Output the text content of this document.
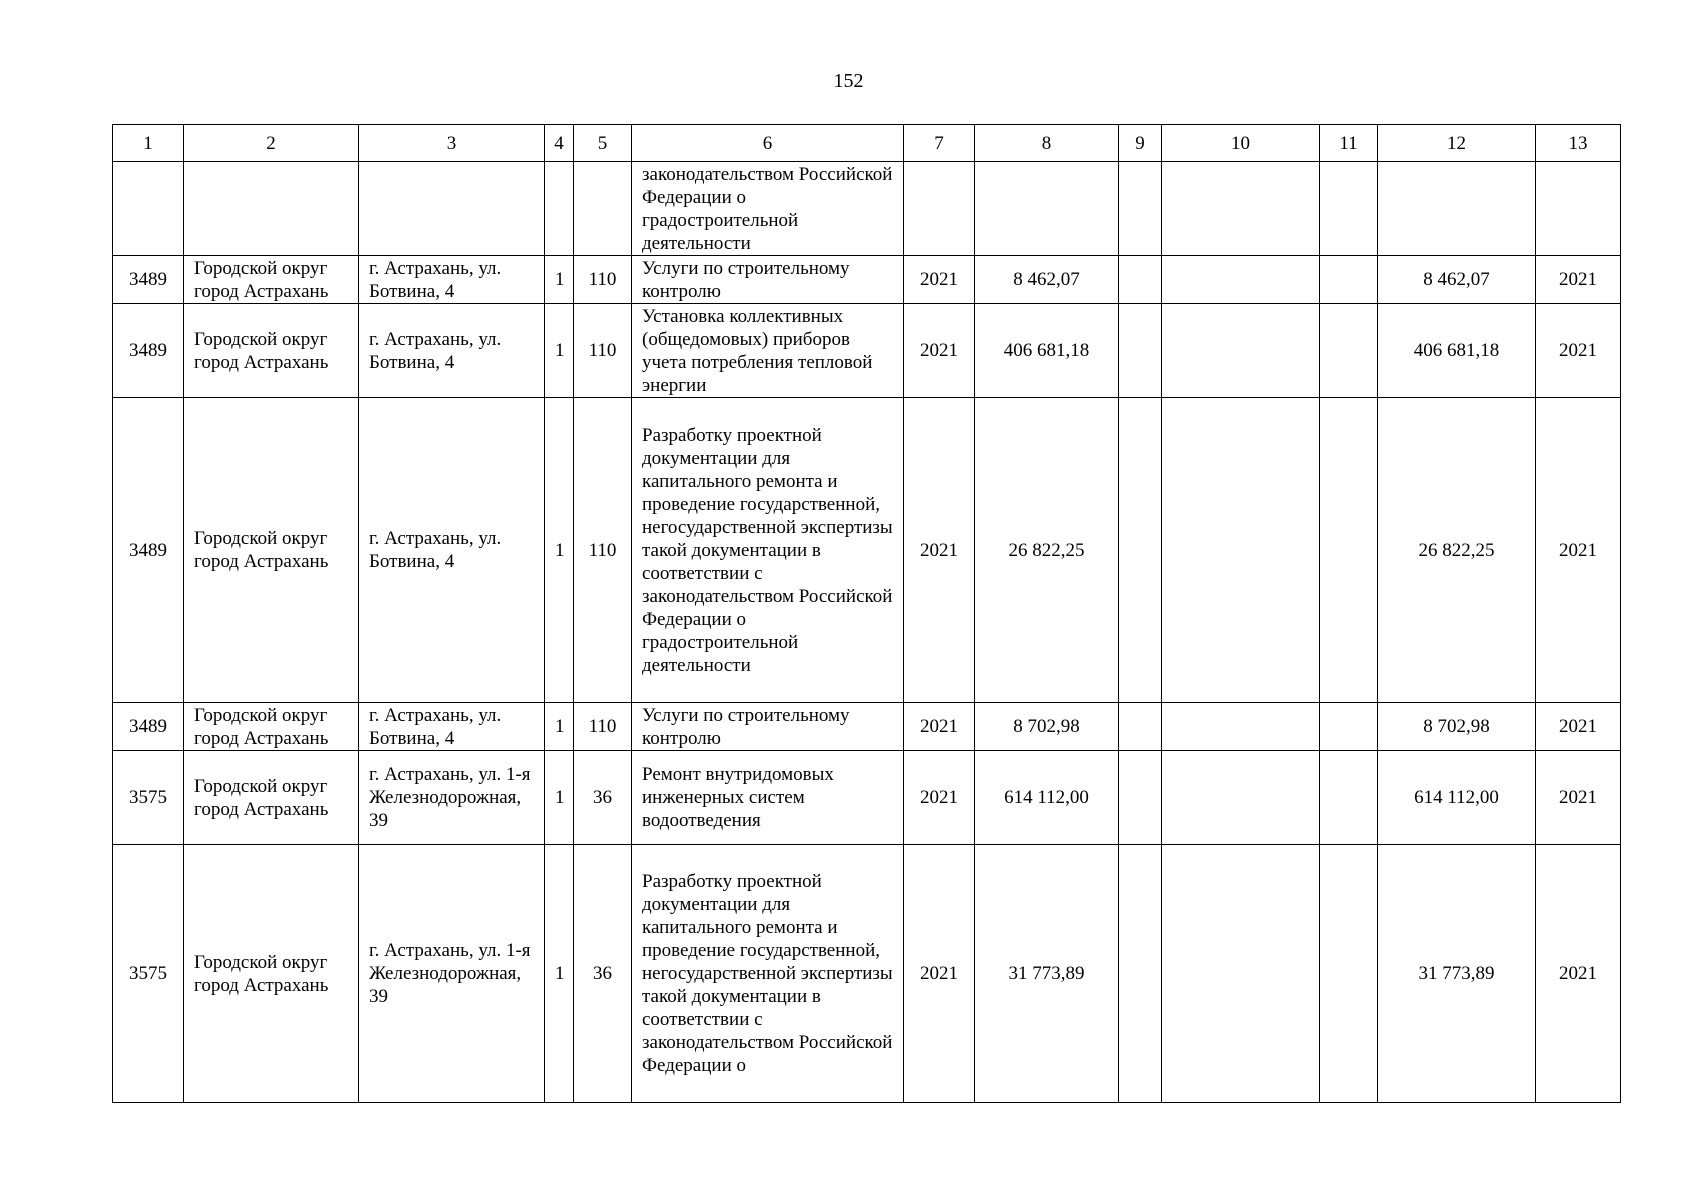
152
1	2	3	4	5	6	7	8	9	10	11	12	13
					законодательством Российской Федерации о градостроительной деятельности							
3489	Городской округ город Астрахань	г. Астрахань, ул. Ботвина, 4	1	110	Услуги по строительному контролю	2021	8 462,07				8 462,07	2021
3489	Городской округ город Астрахань	г. Астрахань, ул. Ботвина, 4	1	110	Установка коллективных (общедомовых) приборов учета потребления тепловой энергии	2021	406 681,18				406 681,18	2021
3489	Городской округ город Астрахань	г. Астрахань, ул. Ботвина, 4	1	110	Разработку проектной документации для капитального ремонта и проведение государственной, негосударственной экспертизы такой документации в соответствии с законодательством Российской Федерации о градостроительной деятельности	2021	26 822,25				26 822,25	2021
3489	Городской округ город Астрахань	г. Астрахань, ул. Ботвина, 4	1	110	Услуги по строительному контролю	2021	8 702,98				8 702,98	2021
3575	Городской округ город Астрахань	г. Астрахань, ул. 1-я Железнодорожная, 39	1	36	Ремонт внутридомовых инженерных систем водоотведения	2021	614 112,00				614 112,00	2021
3575	Городской округ город Астрахань	г. Астрахань, ул. 1-я Железнодорожная, 39	1	36	Разработку проектной документации для капитального ремонта и проведение государственной, негосударственной экспертизы такой документации в соответствии с законодательством Российской Федерации о	2021	31 773,89				31 773,89	2021
